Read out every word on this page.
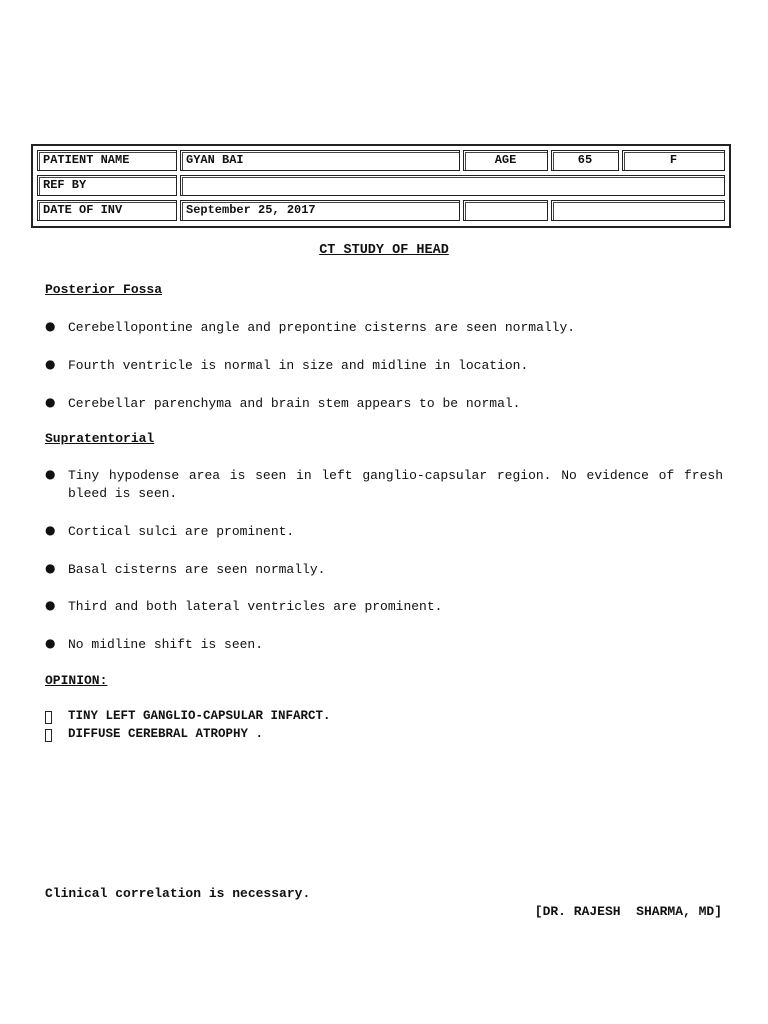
PATIENT NAME	GYAN BAI	AGE	65	F
REF BY
DATE OF INV	September 25, 2017
CT STUDY OF HEAD
Posterior Fossa
● Cerebellopontine angle and prepontine cisterns are seen normally.
● Fourth ventricle is normal in size and midline in location.
● Cerebellar parenchyma and brain stem appears to be normal.
Supratentorial
● Tiny hypodense area is seen in left ganglio-capsular region. No evidence of fresh bleed is seen.
● Cortical sulci are prominent.
● Basal cisterns are seen normally.
● Third and both lateral ventricles are prominent.
● No midline shift is seen.
OPINION:
TINY LEFT GANGLIO-CAPSULAR INFARCT.
DIFFUSE CEREBRAL ATROPHY .
Clinical correlation is necessary.
[DR. RAJESH  SHARMA, MD]
